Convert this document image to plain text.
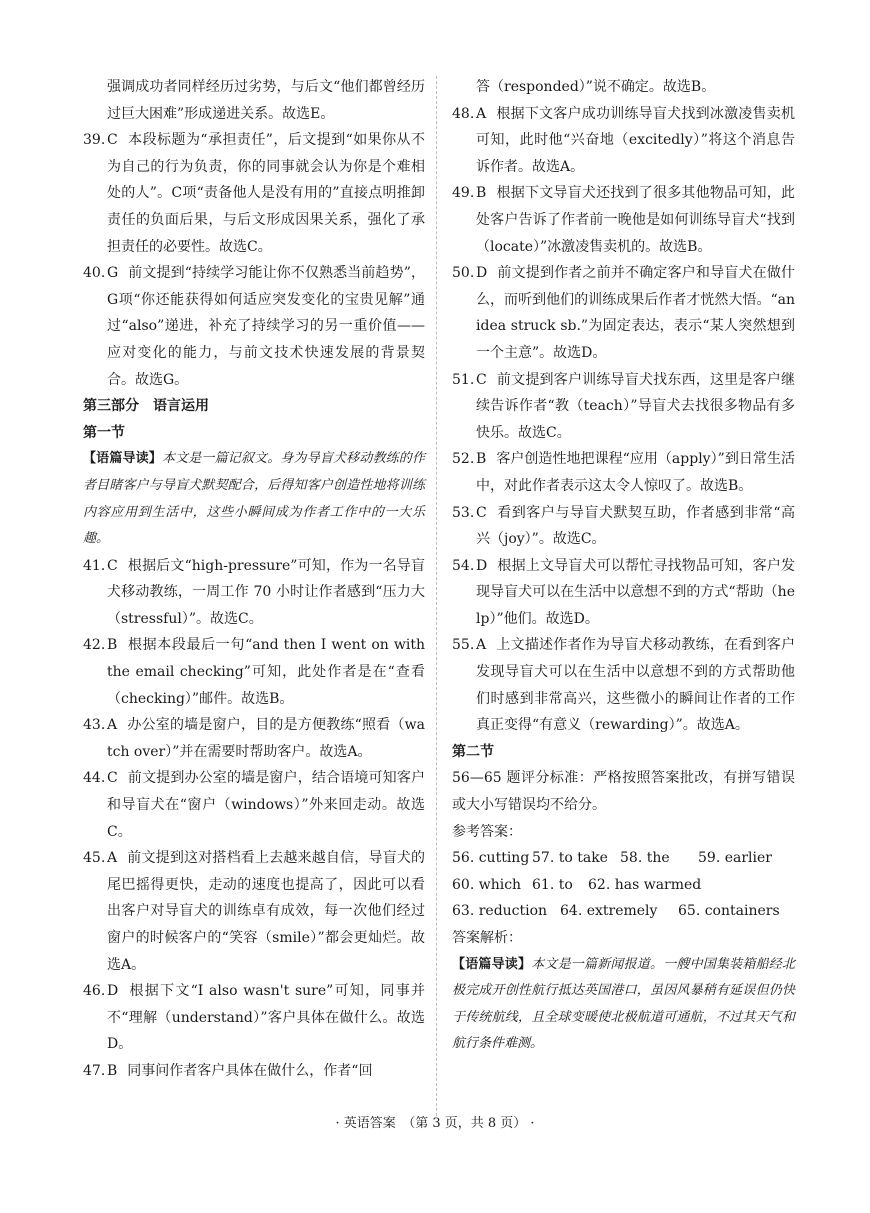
强调成功者同样经历过劣势，与后文“他们都曾经历过巨大困难”形成递进关系。故选E。

39. C 本段标题为“承担责任”，后文提到“如果你从不为自己的行为负责，你的同事就会认为你是个难相处的人”。C项“责备他人是没有用的”直接点明推卸责任的负面后果，与后文形成因果关系，强化了承担责任的必要性。故选C。
40. G 前文提到“持续学习能让你不仅熟悉当前趋势”，G项“你还能获得如何适应突发变化的宝贵见解”通过“also”递进，补充了持续学习的另一重价值——应对变化的能力，与前文技术快速发展的背景契合。故选G。
第三部分　语言运用
第一节
【语篇导读】本文是一篇记叙文。身为导盲犬移动教练的作者目睹客户与导盲犬默契配合，后得知客户创造性地将训练内容应用到生活中，这些小瞬间成为作者工作中的一大乐趣。
41. C 根据后文“high-pressure”可知，作为一名导盲犬移动教练，一周工作 70 小时让作者感到“压力大（stressful）”。故选C。
42. B 根据本段最后一句“and then I went on with the email checking”可知，此处作者是在“查看（checking）”邮件。故选B。
43. A 办公室的墙是窗户，目的是方便教练“照看（watch over）”并在需要时帮助客户。故选A。
44. C 前文提到办公室的墙是窗户，结合语境可知客户和导盲犬在“窗户（windows）”外来回走动。故选C。
45. A 前文提到这对搭档看上去越来越自信，导盲犬的尾巴摇得更快，走动的速度也提高了，因此可以看出客户对导盲犬的训练卓有成效，每一次他们经过窗户的时候客户的“笑容（smile）”都会更灿烂。故选A。
46. D 根据下文“I also wasn't sure”可知，同事并不“理解（understand）”客户具体在做什么。故选D。
47. B 同事问作者客户具体在做什么，作者“回

答（responded）”说不确定。故选B。

48. A 根据下文客户成功训练导盲犬找到冰激凌售卖机可知，此时他“兴奋地（excitedly）”将这个消息告诉作者。故选A。
49. B 根据下文导盲犬还找到了很多其他物品可知，此处客户告诉了作者前一晚他是如何训练导盲犬“找到（locate）”冰激凌售卖机的。故选B。
50. D 前文提到作者之前并不确定客户和导盲犬在做什么，而听到他们的训练成果后作者才恍然大悟。“an idea struck sb.”为固定表达，表示“某人突然想到一个主意”。故选D。
51. C 前文提到客户训练导盲犬找东西，这里是客户继续告诉作者“教（teach）”导盲犬去找很多物品有多快乐。故选C。
52. B 客户创造性地把课程“应用（apply）”到日常生活中，对此作者表示这太令人惊叹了。故选B。
53. C 看到客户与导盲犬默契互助，作者感到非常“高兴（joy）”。故选C。
54. D 根据上文导盲犬可以帮忙寻找物品可知，客户发现导盲犬可以在生活中以意想不到的方式“帮助（help）”他们。故选D。
55. A 上文描述作者作为导盲犬移动教练，在看到客户发现导盲犬可以在生活中以意想不到的方式帮助他们时感到非常高兴，这些微小的瞬间让作者的工作真正变得“有意义（rewarding）”。故选A。
第二节

56—65 题评分标准：严格按照答案批改，有拼写错误或大小写错误均不给分。

参考答案：

56. cutting 57. to take 58. the 59. earlier
60. which 61. to 62. has warmed
63. reduction 64. extremely 65. containers

答案解析：

【语篇导读】本文是一篇新闻报道。一艘中国集装箱船经北极完成开创性航行抵达英国港口，虽因风暴稍有延误但仍快于传统航线，且全球变暖使北极航道可通航，不过其天气和航行条件难测。
· 英语答案　（第 3 页，共 8 页） ·
